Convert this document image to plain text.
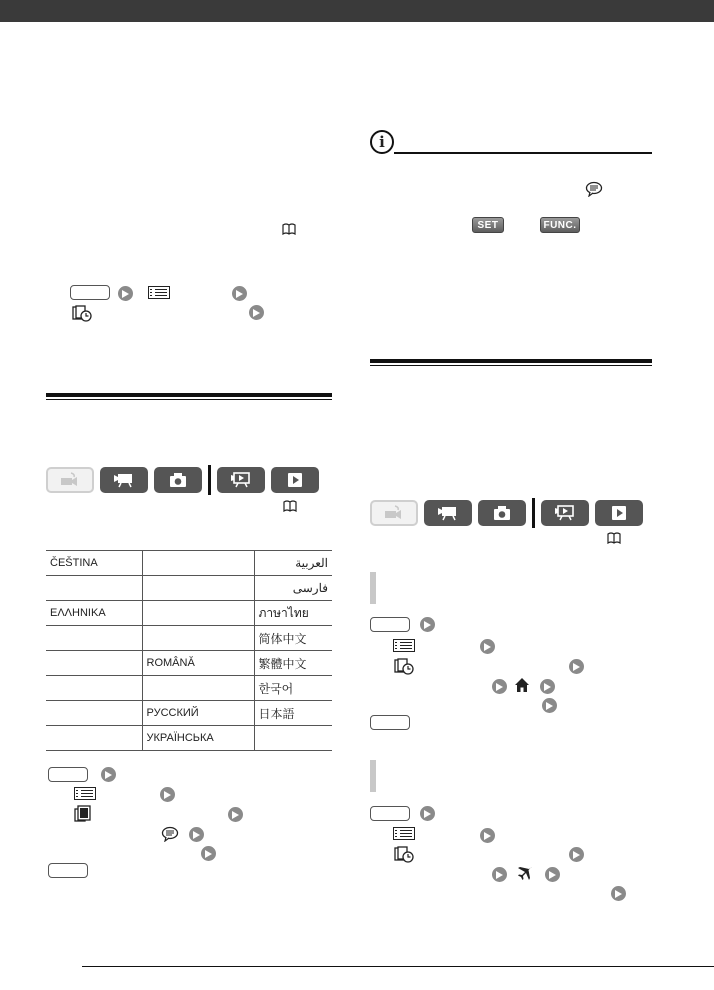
ČEŠTINA		العربية
		فارسی
ΕΛΛΗΝΙΚΑ		ภาษาไทย
		简体中文
	ROMÂNĂ	繁體中文
		한국어
	РУССКИЙ	日本語
	УКРАЇНСЬКА	
i
SET	FUNC.
